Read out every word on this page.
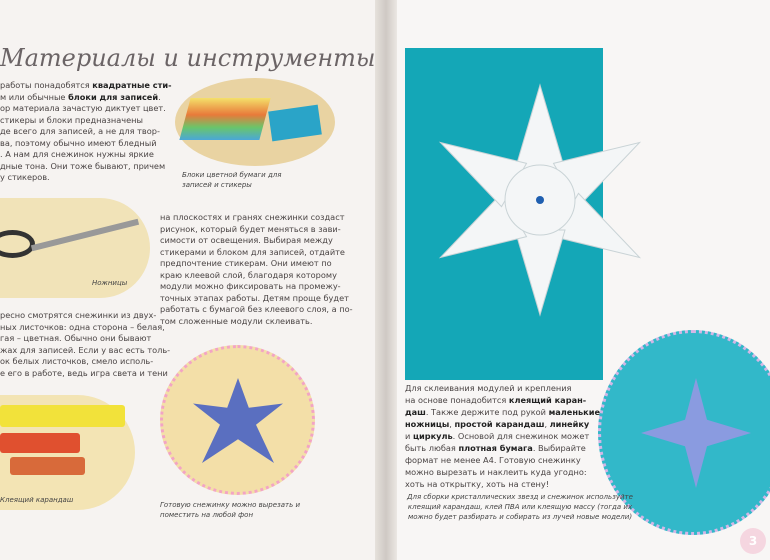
Материалы и инструменты
работы понадобятся квадратные сти-
м или обычные блоки для записей.
ор материала зачастую диктует цвет.
стикеры и блоки предназначены
де всего для записей, а не для твор-
ва, поэтому обычно имеют бледный
. А нам для снежинок нужны яркие
дные тона. Они тоже бывают, причем
у стикеров.	Блоки цветной бумаги для записей и стикеры
Ножницы
ресно смотрятся снежинки из двух-
ных листочков: одна сторона – белая,
гая – цветная. Обычно они бывают
жах для записей. Если у вас есть толь-
ок белых листочков, смело исполь-
е его в работе, ведь игра света и тени
на плоскостях и гранях снежинки создаст
рисунок, который будет меняться в зави-
симости от освещения. Выбирая между
стикерами и блоком для записей, отдайте
предпочтение стикерам. Они имеют по
краю клеевой слой, благодаря которому
модули можно фиксировать на промежу-
точных этапах работы. Детям проще будет
работать с бумагой без клеевого слоя, а по-
том сложенные модули склеивать.
Клеящий карандаш
Готовую снежинку можно вырезать и поместить на любой фон
Для склеивания модулей и крепления
на основе понадобится клеящий каран-
даш. Также держите под рукой маленькие
ножницы, простой карандаш, линейку
и циркуль. Основой для снежинок может
быть любая плотная бумага. Выбирайте
формат не менее А4. Готовую снежинку
можно вырезать и наклеить куда угодно:
хоть на открытку, хоть на стену!
Для сборки кристаллических звезд и снежинок используйте клеящий карандаш, клей ПВА или клеящую массу (тогда их можно будет разбирать и собирать из лучей новые модели)
3
